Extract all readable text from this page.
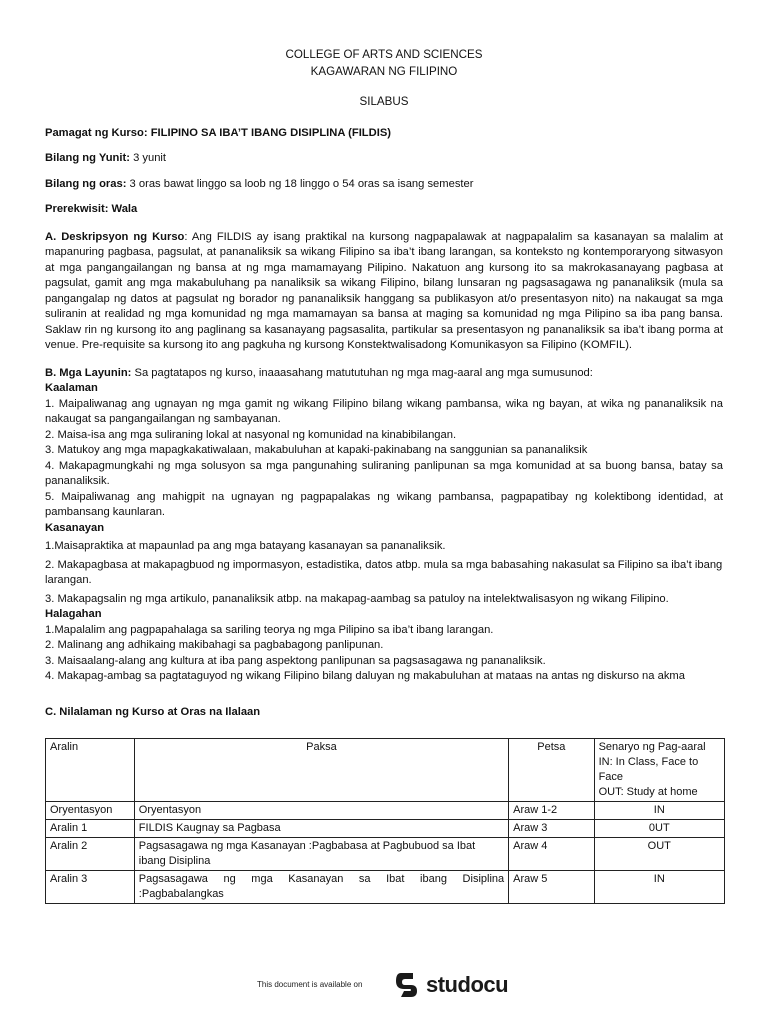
COLLEGE OF ARTS AND SCIENCES
KAGAWARAN NG FILIPINO
SILABUS
Pamagat ng Kurso: FILIPINO SA IBA’T IBANG DISIPLINA (FILDIS)
Bilang ng Yunit: 3 yunit
Bilang ng oras: 3 oras bawat linggo sa loob ng 18 linggo o 54 oras sa isang semester
Prerekwisit: Wala
A. Deskripsyon ng Kurso: Ang FILDIS ay isang praktikal na kursong nagpapalawak at nagpapalalim sa kasanayan sa malalim at mapanuring pagbasa, pagsulat, at pananaliksik sa wikang Filipino sa iba’t ibang larangan, sa konteksto ng kontemporaryong sitwasyon at mga pangangailangan ng bansa at ng mga mamamayang Pilipino. Nakatuon ang kursong ito sa makrokasanayang pagbasa at pagsulat, gamit ang mga makabuluhang pa nanaliksik sa wikang Filipino, bilang lunsaran ng pagsasagawa ng pananaliksik (mula sa pangangalap ng datos at pagsulat ng borador ng pananaliksik hanggang sa publikasyon at/o presentasyon nito) na nakaugat sa mga suliranin at realidad ng mga komunidad ng mga mamamayan sa bansa at maging sa komunidad ng mga Pilipino sa iba pang bansa. Saklaw rin ng kursong ito ang paglinang sa kasanayang pagsasalita, partikular sa presentasyon ng pananaliksik sa iba’t ibang porma at venue. Pre-requisite sa kursong ito ang pagkuha ng kursong Konstektwalisadong Komunikasyon sa Filipino (KOMFIL).
B. Mga Layunin: Sa pagtatapos ng kurso, inaaasahang matututuhan ng mga mag-aaral ang mga sumusunod:
Kaalaman
1. Maipaliwanag ang ugnayan ng mga gamit ng wikang Filipino bilang wikang pambansa, wika ng bayan, at wika ng pananaliksik na nakaugat sa pangangailangan ng sambayanan.
2. Maisa-isa ang mga suliraning lokal at nasyonal ng komunidad na kinabibilangan.
3. Matukoy ang mga mapagkakatiwalaan, makabuluhan at kapaki-pakinabang na sanggunian sa pananaliksik
4. Makapagmungkahi ng mga solusyon sa mga pangunahing suliraning panlipunan sa mga komunidad at sa buong bansa, batay sa pananaliksik.
5. Maipaliwanag ang mahigpit na ugnayan ng pagpapalakas ng wikang pambansa, pagpapatibay ng kolektibong identidad, at pambansang kaunlaran.
Kasanayan
1.Maisapraktika at mapaunlad pa ang mga batayang kasanayan sa pananaliksik.
2. Makapagbasa at makapagbuod ng impormasyon, estadistika, datos atbp. mula sa mga babasahing nakasulat sa Filipino sa iba’t ibang larangan.
3. Makapagsalin ng mga artikulo, pananaliksik atbp. na makapag-aambag sa patuloy na intelektwalisasyon ng wikang Filipino.
Halagahan
1.Mapalalim ang pagpapahalaga sa sariling teorya ng mga Pilipino sa iba’t ibang larangan.
2. Malinang ang adhikaing makibahagi sa pagbabagong panlipunan.
3. Maisaalang-alang ang kultura at iba pang aspektong panlipunan sa pagsasagawa ng pananaliksik.
4. Makapag-ambag sa pagtataguyod ng wikang Filipino bilang daluyan ng makabuluhan at mataas na antas ng diskurso na akma
C. Nilalaman ng Kurso at Oras na Ilalaan
Aralin	Paksa	Petsa	Senaryo ng Pag-aaral
IN: In Class, Face to Face
OUT: Study at home

Oryentasyon	Oryentasyon	Araw 1-2	IN
Aralin 1	FILDIS Kaugnay sa Pagbasa	Araw 3	0UT
Aralin 2	Pagsasagawa ng mga Kasanayan :Pagbabasa at Pagbubuod sa Ibat ibang Disiplina	Araw 4	OUT
Aralin 3	Pagsasagawa ng mga Kasanayan sa Ibat ibang Disiplina :Pagbabalangkas	Araw 5	IN
This document is available on	studocu
